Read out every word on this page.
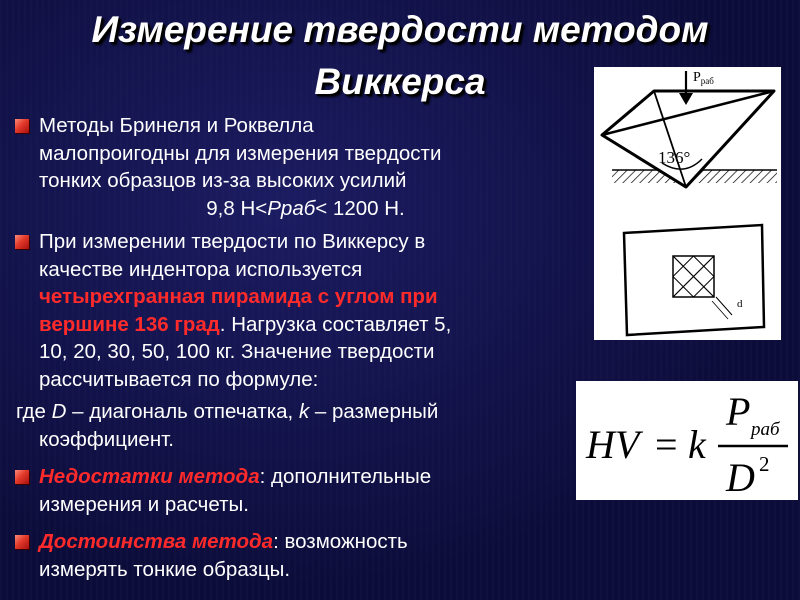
Измерение твердости методом
Виккерса
Методы Бринеля и Роквелла
малопроигодны для измерения твердости
тонких образцов из-за высоких усилий
9,8 Н<Pраб< 1200 Н.
При измерении твердости по Виккерсу в
качестве индентора используется
четырехгранная пирамида с углом при
вершине 136 град. Нагрузка составляет 5,
10, 20, 30, 50, 100 кг. Значение твердости
рассчитывается по формуле:
где D – диагональ отпечатка, k – размерный
коэффициент.
Недостатки метода: дополнительные
измерения и расчеты.
Достоинства метода: возможность
измерять тонкие образцы.
$P_{раб}$
136°
d
HV = k
P раб
D 2
